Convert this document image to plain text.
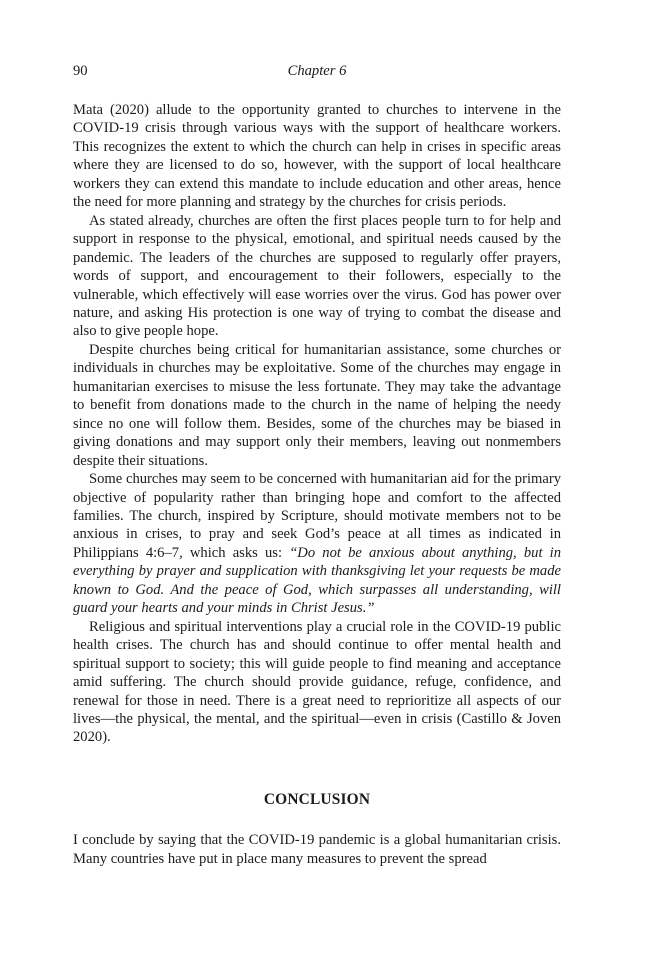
90	Chapter 6

Mata (2020) allude to the opportunity granted to churches to intervene in the COVID-19 crisis through various ways with the support of healthcare workers. This recognizes the extent to which the church can help in crises in specific areas where they are licensed to do so, however, with the support of local healthcare workers they can extend this mandate to include education and other areas, hence the need for more planning and strategy by the churches for crisis periods.

As stated already, churches are often the first places people turn to for help and support in response to the physical, emotional, and spiritual needs caused by the pandemic. The leaders of the churches are supposed to regularly offer prayers, words of support, and encouragement to their followers, especially to the vulnerable, which effectively will ease worries over the virus. God has power over nature, and asking His protection is one way of trying to combat the disease and also to give people hope.

Despite churches being critical for humanitarian assistance, some churches or individuals in churches may be exploitative. Some of the churches may engage in humanitarian exercises to misuse the less fortunate. They may take the advantage to benefit from donations made to the church in the name of helping the needy since no one will follow them. Besides, some of the churches may be biased in giving donations and may support only their members, leaving out nonmembers despite their situations.

Some churches may seem to be concerned with humanitarian aid for the primary objective of popularity rather than bringing hope and comfort to the affected families. The church, inspired by Scripture, should motivate members not to be anxious in crises, to pray and seek God’s peace at all times as indicated in Philippians 4:6–7, which asks us: “Do not be anxious about anything, but in everything by prayer and supplication with thanksgiving let your requests be made known to God. And the peace of God, which surpasses all understanding, will guard your hearts and your minds in Christ Jesus.”

Religious and spiritual interventions play a crucial role in the COVID-19 public health crises. The church has and should continue to offer mental health and spiritual support to society; this will guide people to find meaning and acceptance amid suffering. The church should provide guidance, refuge, confidence, and renewal for those in need. There is a great need to reprioritize all aspects of our lives—the physical, the mental, and the spiritual—even in crisis (Castillo & Joven 2020).

CONCLUSION

I conclude by saying that the COVID-19 pandemic is a global humanitarian crisis. Many countries have put in place many measures to prevent the spread
